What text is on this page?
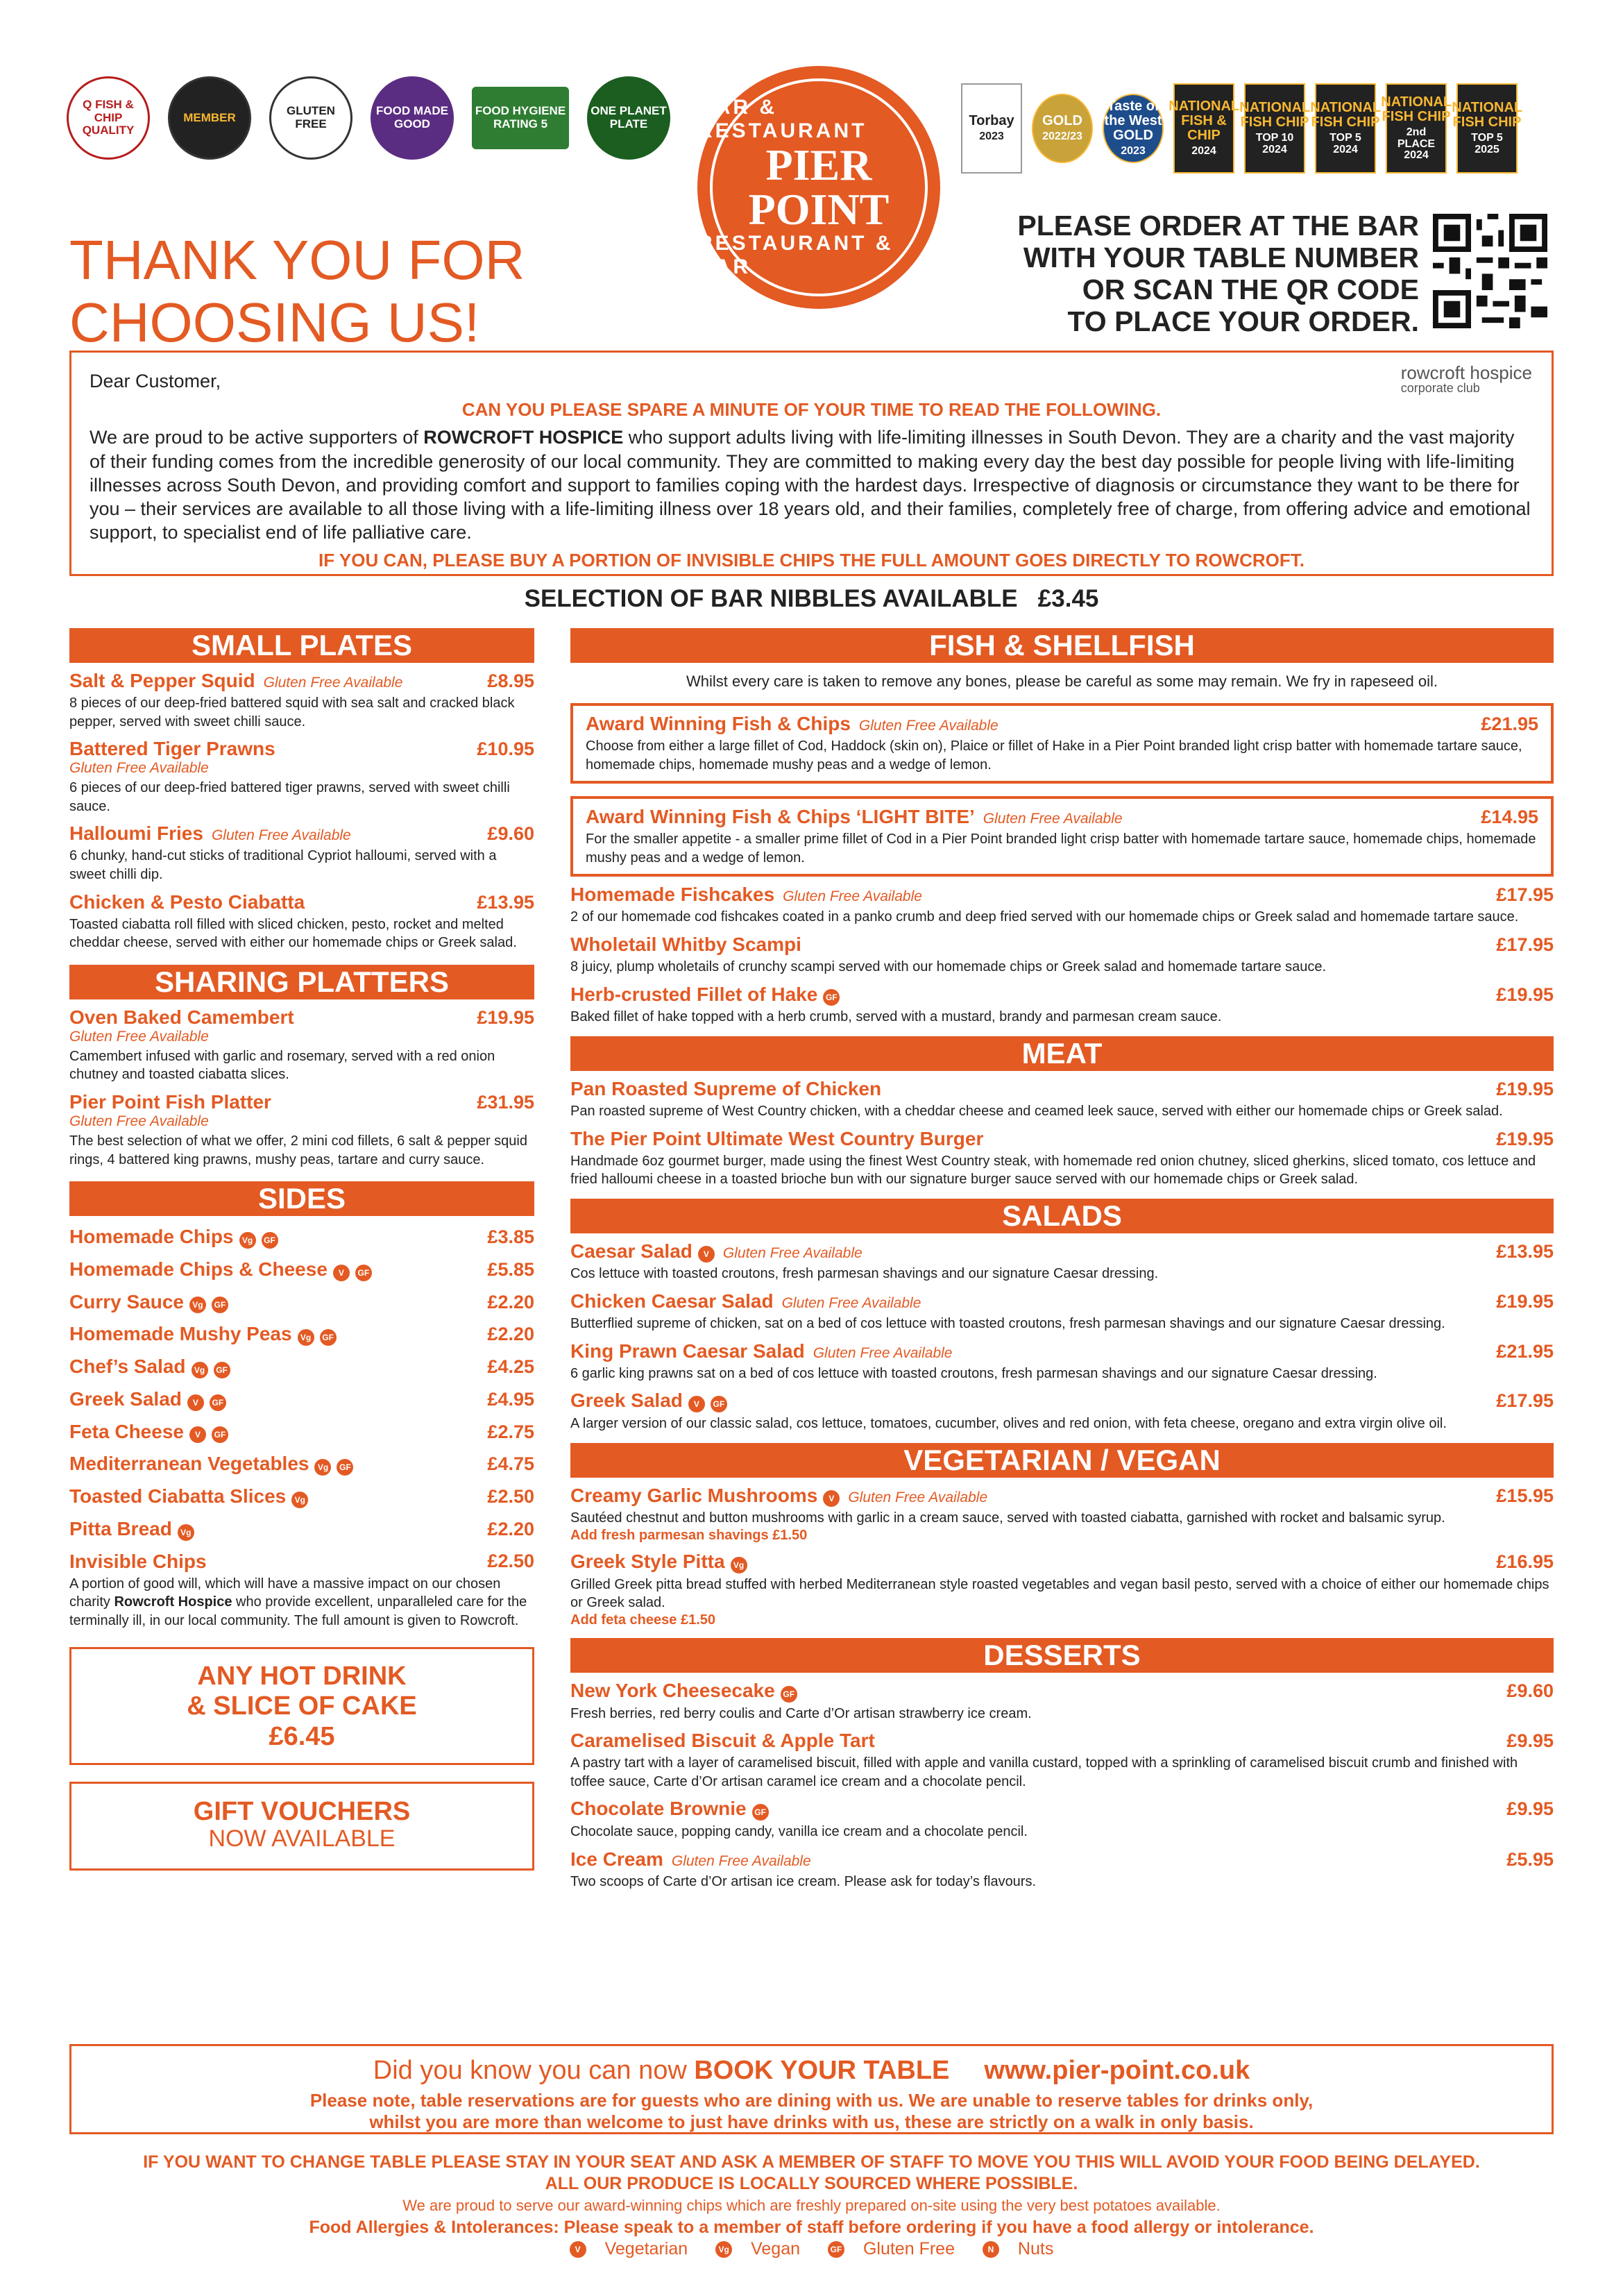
Q FISH & CHIP QUALITY
MEMBER	GLUTEN FREE
FOOD MADE GOOD
FOOD HYGIENE RATING 5
ONE PLANET PLATE
BAR & RESTAURANT
PIER
POINT
RESTAURANT & BAR
Torbay
2023
GOLD
2022/23
Taste of the West GOLD
2023
NATIONAL FISH & CHIP
2024
NATIONAL FISH CHIP
TOP 10 2024
NATIONAL FISH CHIP
TOP 5 2024
NATIONAL FISH CHIP
2nd PLACE 2024
NATIONAL FISH CHIP
TOP 5 2025
THANK YOU FOR
CHOOSING US!
PLEASE ORDER AT THE BAR
WITH YOUR TABLE NUMBER
OR SCAN THE QR CODE
TO PLACE YOUR ORDER.
rowcroft hospice
corporate club
Dear Customer,
CAN YOU PLEASE SPARE A MINUTE OF YOUR TIME TO READ THE FOLLOWING.
We are proud to be active supporters of ROWCROFT HOSPICE who support adults living with life-limiting illnesses in South Devon. They are a charity and the vast majority of their funding comes from the incredible generosity of our local community. They are committed to making every day the best day possible for people living with life-limiting illnesses across South Devon, and providing comfort and support to families coping with the hardest days. Irrespective of diagnosis or circumstance they want to be there for you – their services are available to all those living with a life-limiting illness over 18 years old, and their families, completely free of charge, from offering advice and emotional support, to specialist end of life palliative care.
IF YOU CAN, PLEASE BUY A PORTION OF INVISIBLE CHIPS THE FULL AMOUNT GOES DIRECTLY TO ROWCROFT.
SELECTION OF BAR NIBBLES AVAILABLE   £3.45
SMALL PLATES
Salt & Pepper Squid Gluten Free Available	£8.95
8 pieces of our deep-fried battered squid with sea salt and cracked black pepper, served with sweet chilli sauce.
Battered Tiger Prawns	£10.95
Gluten Free Available
6 pieces of our deep-fried battered tiger prawns, served with sweet chilli sauce.
Halloumi Fries Gluten Free Available	£9.60
6 chunky, hand-cut sticks of traditional Cypriot halloumi, served with a sweet chilli dip.
Chicken & Pesto Ciabatta	£13.95
Toasted ciabatta roll filled with sliced chicken, pesto, rocket and melted cheddar cheese, served with either our homemade chips or Greek salad.
SHARING PLATTERS
Oven Baked Camembert	£19.95
Gluten Free Available
Camembert infused with garlic and rosemary, served with a red onion chutney and toasted ciabatta slices.
Pier Point Fish Platter	£31.95
Gluten Free Available
The best selection of what we offer, 2 mini cod fillets, 6 salt & pepper squid rings, 4 battered king prawns, mushy peas, tartare and curry sauce.
SIDES
Homemade Chips Vg GF	£3.85
Homemade Chips & Cheese V GF	£5.85
Curry Sauce Vg GF	£2.20
Homemade Mushy Peas Vg GF	£2.20
Chef’s Salad Vg GF	£4.25
Greek Salad V GF	£4.95
Feta Cheese V GF	£2.75
Mediterranean Vegetables Vg GF	£4.75
Toasted Ciabatta Slices Vg	£2.50
Pitta Bread Vg	£2.20
Invisible Chips	£2.50
A portion of good will, which will have a massive impact on our chosen charity Rowcroft Hospice who provide excellent, unparalleled care for the terminally ill, in our local community. The full amount is given to Rowcroft.
ANY HOT DRINK
& SLICE OF CAKE
£6.45
GIFT VOUCHERS
NOW AVAILABLE
FISH & SHELLFISH
Whilst every care is taken to remove any bones, please be careful as some may remain. We fry in rapeseed oil.
Award Winning Fish & Chips Gluten Free Available	£21.95
Choose from either a large fillet of Cod, Haddock (skin on), Plaice or fillet of Hake in a Pier Point branded light crisp batter with homemade tartare sauce, homemade chips, homemade mushy peas and a wedge of lemon.
Award Winning Fish & Chips ‘LIGHT BITE’ Gluten Free Available	£14.95
For the smaller appetite - a smaller prime fillet of Cod in a Pier Point branded light crisp batter with homemade tartare sauce, homemade chips, homemade mushy peas and a wedge of lemon.
Homemade Fishcakes Gluten Free Available	£17.95
2 of our homemade cod fishcakes coated in a panko crumb and deep fried served with our homemade chips or Greek salad and homemade tartare sauce.
Wholetail Whitby Scampi	£17.95
8 juicy, plump wholetails of crunchy scampi served with our homemade chips or Greek salad and homemade tartare sauce.
Herb-crusted Fillet of Hake GF	£19.95
Baked fillet of hake topped with a herb crumb, served with a mustard, brandy and parmesan cream sauce.
MEAT
Pan Roasted Supreme of Chicken	£19.95
Pan roasted supreme of West Country chicken, with a cheddar cheese and ceamed leek sauce, served with either our homemade chips or Greek salad.
The Pier Point Ultimate West Country Burger	£19.95
Handmade 6oz gourmet burger, made using the finest West Country steak, with homemade red onion chutney, sliced gherkins, sliced tomato, cos lettuce and fried halloumi cheese in a toasted brioche bun with our signature burger sauce served with our homemade chips or Greek salad.
SALADS
Caesar Salad V Gluten Free Available	£13.95
Cos lettuce with toasted croutons, fresh parmesan shavings and our signature Caesar dressing.
Chicken Caesar Salad Gluten Free Available	£19.95
Butterflied supreme of chicken, sat on a bed of cos lettuce with toasted croutons, fresh parmesan shavings and our signature Caesar dressing.
King Prawn Caesar Salad Gluten Free Available	£21.95
6 garlic king prawns sat on a bed of cos lettuce with toasted croutons, fresh parmesan shavings and our signature Caesar dressing.
Greek Salad V GF	£17.95
A larger version of our classic salad, cos lettuce, tomatoes, cucumber, olives and red onion, with feta cheese, oregano and extra virgin olive oil.
VEGETARIAN / VEGAN
Creamy Garlic Mushrooms V Gluten Free Available	£15.95
Sautéed chestnut and button mushrooms with garlic in a cream sauce, served with toasted ciabatta, garnished with rocket and balsamic syrup.
Add fresh parmesan shavings £1.50
Greek Style Pitta Vg	£16.95
Grilled Greek pitta bread stuffed with herbed Mediterranean style roasted vegetables and vegan basil pesto, served with a choice of either our homemade chips or Greek salad.
Add feta cheese £1.50
DESSERTS
New York Cheesecake GF	£9.60
Fresh berries, red berry coulis and Carte d’Or artisan strawberry ice cream.
Caramelised Biscuit & Apple Tart	£9.95
A pastry tart with a layer of caramelised biscuit, filled with apple and vanilla custard, topped with a sprinkling of caramelised biscuit crumb and finished with toffee sauce, Carte d’Or artisan caramel ice cream and a chocolate pencil.
Chocolate Brownie GF	£9.95
Chocolate sauce, popping candy, vanilla ice cream and a chocolate pencil.
Ice Cream Gluten Free Available	£5.95
Two scoops of Carte d’Or artisan ice cream. Please ask for today’s flavours.
Did you know you can now BOOK YOUR TABLE www.pier-point.co.uk
Please note, table reservations are for guests who are dining with us. We are unable to reserve tables for drinks only,
whilst you are more than welcome to just have drinks with us, these are strictly on a walk in only basis.
IF YOU WANT TO CHANGE TABLE PLEASE STAY IN YOUR SEAT AND ASK A MEMBER OF STAFF TO MOVE YOU THIS WILL AVOID YOUR FOOD BEING DELAYED.
ALL OUR PRODUCE IS LOCALLY SOURCED WHERE POSSIBLE.
We are proud to serve our award-winning chips which are freshly prepared on-site using the very best potatoes available.
Food Allergies & Intolerances: Please speak to a member of staff before ordering if you have a food allergy or intolerance.
V Vegetarian	Vg Vegan	GF Gluten Free	N Nuts
